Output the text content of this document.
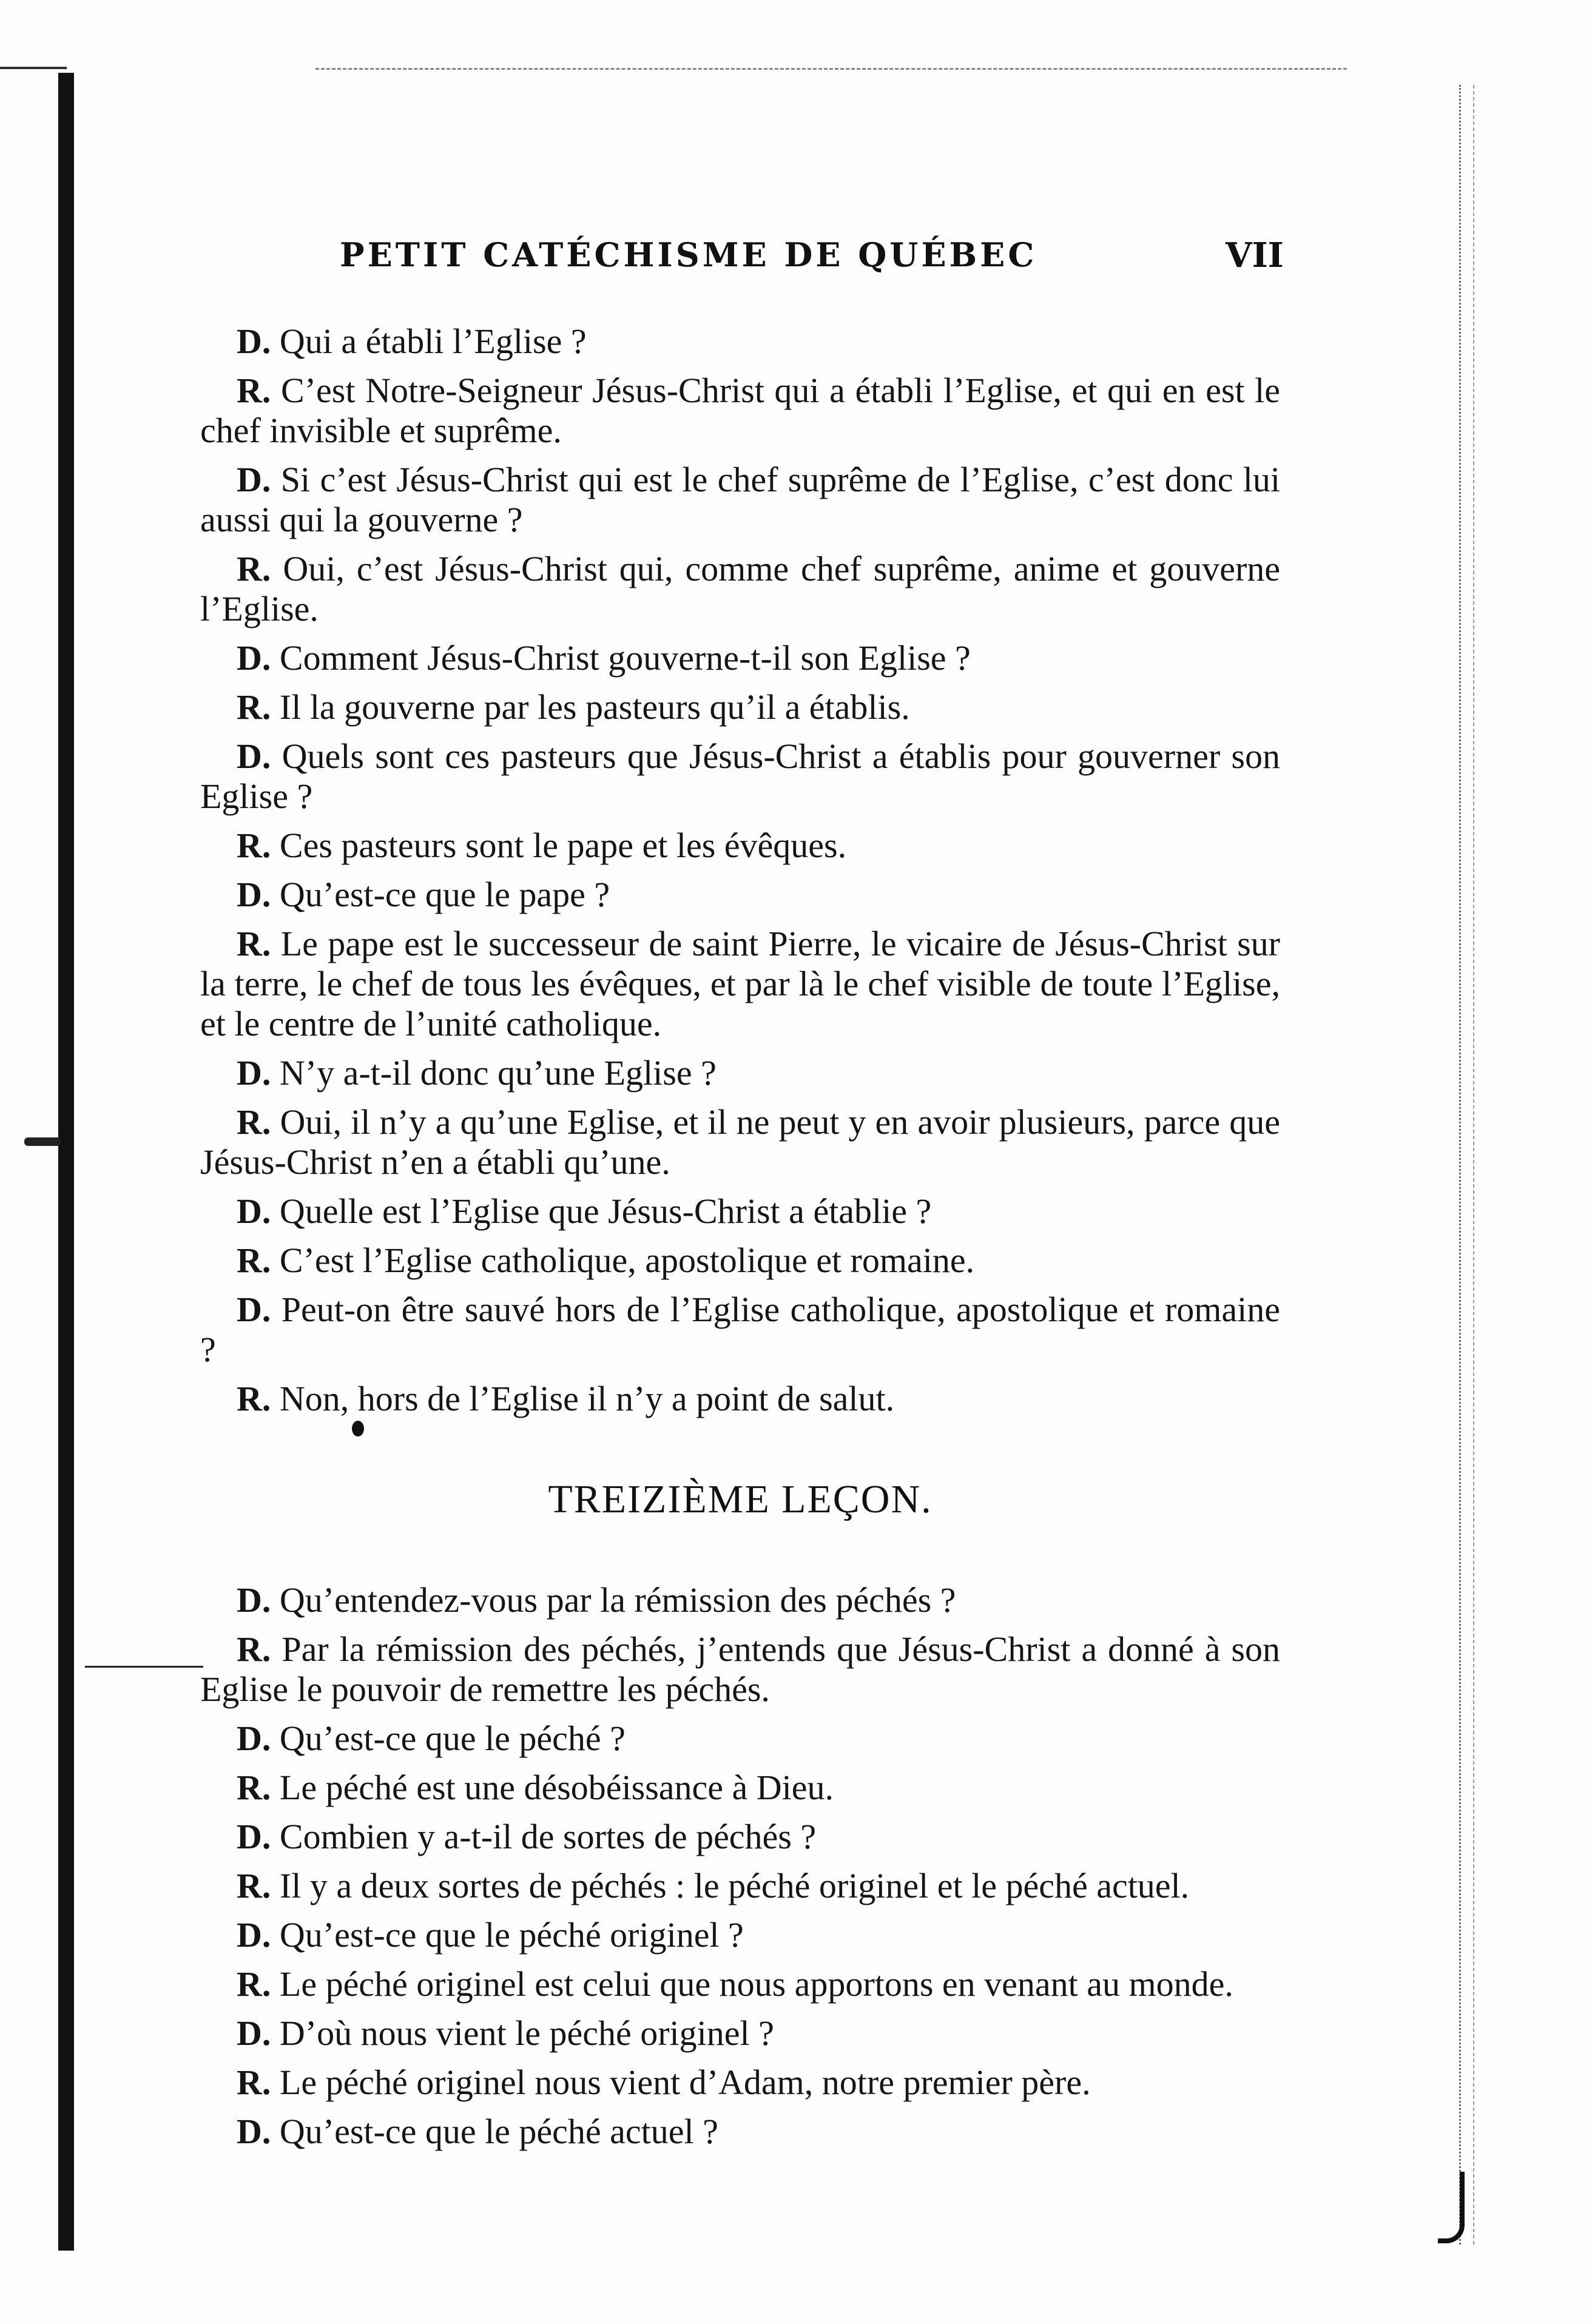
PETIT CATÉCHISME DE QUÉBEC	VII

D. Qui a établi l’Eglise ?

R. C’est Notre-Seigneur Jésus-Christ qui a établi l’Eglise, et qui en est le chef invisible et suprême.

D. Si c’est Jésus-Christ qui est le chef suprême de l’Eglise, c’est donc lui aussi qui la gouverne ?

R. Oui, c’est Jésus-Christ qui, comme chef suprême, anime et gouverne l’Eglise.

D. Comment Jésus-Christ gouverne-t-il son Eglise ?

R. Il la gouverne par les pasteurs qu’il a établis.

D. Quels sont ces pasteurs que Jésus-Christ a établis pour gouverner son Eglise ?

R. Ces pasteurs sont le pape et les évêques.

D. Qu’est-ce que le pape ?

R. Le pape est le successeur de saint Pierre, le vicaire de Jésus-Christ sur la terre, le chef de tous les évêques, et par là le chef visible de toute l’Eglise, et le centre de l’unité catholique.

D. N’y a-t-il donc qu’une Eglise ?

R. Oui, il n’y a qu’une Eglise, et il ne peut y en avoir plusieurs, parce que Jésus-Christ n’en a établi qu’une.

D. Quelle est l’Eglise que Jésus-Christ a établie ?

R. C’est l’Eglise catholique, apostolique et romaine.

D. Peut-on être sauvé hors de l’Eglise catholique, apostolique et romaine ?

R. Non, hors de l’Eglise il n’y a point de salut.

TREIZIÈME LEÇON.

D. Qu’entendez-vous par la rémission des péchés ?

R. Par la rémission des péchés, j’entends que Jésus-Christ a donné à son Eglise le pouvoir de remettre les péchés.

D. Qu’est-ce que le péché ?

R. Le péché est une désobéissance à Dieu.

D. Combien y a-t-il de sortes de péchés ?

R. Il y a deux sortes de péchés : le péché originel et le péché actuel.

D. Qu’est-ce que le péché originel ?

R. Le péché originel est celui que nous apportons en venant au monde.

D. D’où nous vient le péché originel ?

R. Le péché originel nous vient d’Adam, notre premier père.

D. Qu’est-ce que le péché actuel ?
